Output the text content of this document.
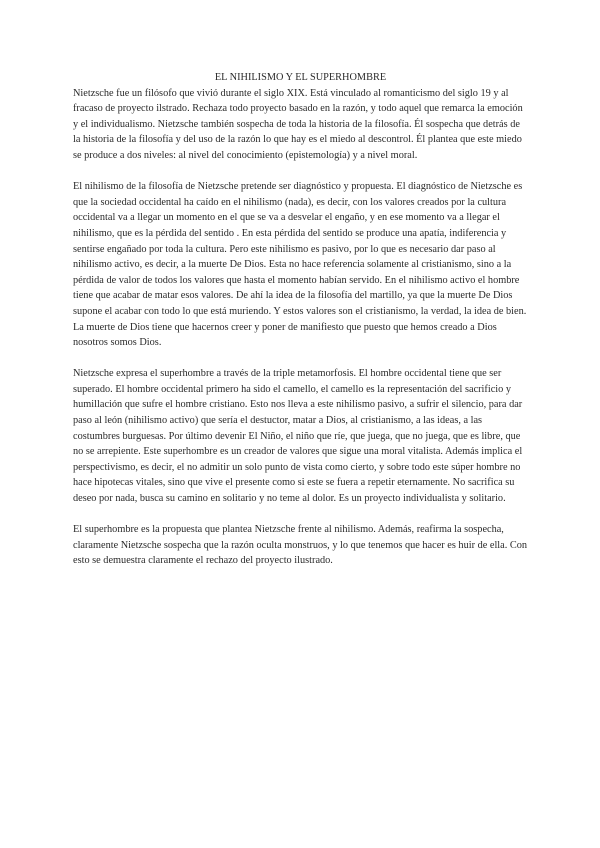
EL NIHILISMO Y EL SUPERHOMBRE

Nietzsche fue un filósofo que vivió durante el siglo XIX. Está vinculado al romanticismo del siglo 19 y al fracaso de proyecto ilstrado. Rechaza todo proyecto basado en la razón, y todo aquel que remarca la emoción y el individualismo. Nietzsche también sospecha de toda la historia de la filosofía. Él sospecha que detrás de la historia de la filosofía y del uso de la razón lo que hay es el miedo al descontrol. Él plantea que este miedo se produce a dos niveles: al nivel del conocimiento (epistemología) y a nivel moral.

El nihilismo de la filosofía de Nietzsche pretende ser diagnóstico y propuesta. El diagnóstico de Nietzsche es que la sociedad occidental ha caído en el nihilismo (nada), es decir, con los valores creados por la cultura occidental va a llegar un momento en el que se va a desvelar el engaño, y en ese momento va a llegar el nihilismo, que es la pérdida del sentido . En esta pérdida del sentido se produce una apatía, indiferencia y sentirse engañado por toda la cultura. Pero este nihilismo es pasivo, por lo que es necesario dar paso al nihilismo activo, es decir, a la muerte De Dios. Esta no hace referencia solamente al cristianismo, sino a la pérdida de valor de todos los valores que hasta el momento habían servido. En el nihilismo activo el hombre tiene que acabar de matar esos valores. De ahí la idea de la filosofía del martillo, ya que la muerte De Dios supone el acabar con todo lo que está muriendo. Y estos valores son el cristianismo, la verdad, la idea de bien. La muerte de Dios tiene que hacernos creer y poner de manifiesto que puesto que hemos creado a Dios nosotros somos Dios.

Nietzsche expresa el superhombre a través de la triple metamorfosis. El hombre occidental tiene que ser superado. El hombre occidental primero ha sido el camello, el camello es la representación del sacrificio y humillación que sufre el hombre cristiano. Esto nos lleva a este nihilismo pasivo, a sufrir el silencio, para dar paso al león (nihilismo activo) que sería el destuctor, matar a Dios, al cristianismo, a las ideas, a las costumbres burguesas. Por último devenir El Niño, el niño que ríe, que juega, que no juega, que es libre, que no se arrepiente. Este superhombre es un creador de valores que sigue una moral vitalista. Además implica el perspectivismo, es decir, el no admitir un solo punto de vista como cierto, y sobre todo este súper hombre no hace hipotecas vitales, sino que vive el presente como si este se fuera a repetir eternamente. No sacrifica su deseo por nada, busca su camino en solitario y no teme al dolor. Es un proyecto individualista y solitario.

El superhombre es la propuesta que plantea Nietzsche frente al nihilismo. Además, reafirma la sospecha, claramente Nietzsche sospecha que la razón oculta monstruos, y lo que tenemos que hacer es huir de ella. Con esto se demuestra claramente el rechazo del proyecto ilustrado.
